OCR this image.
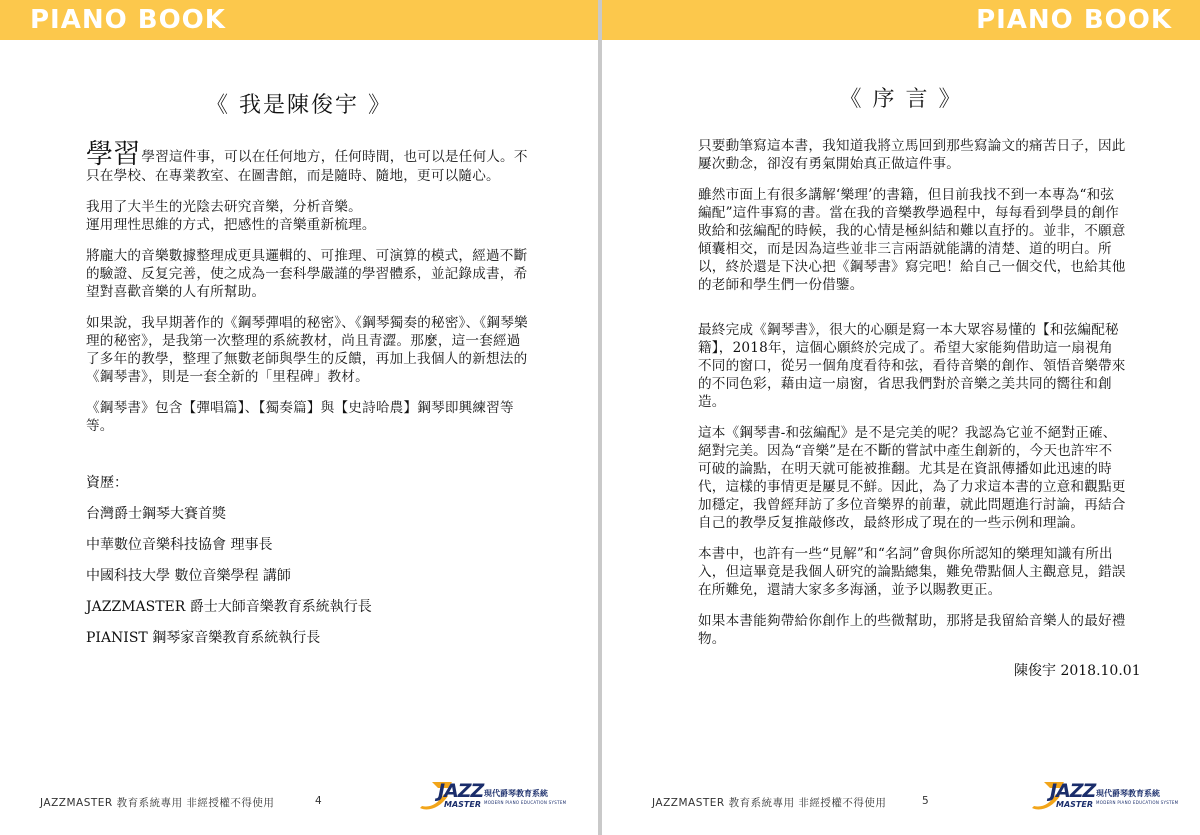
PIANO BOOK
《 我是陳俊宇 》

學習學習這件事，可以在任何地方，任何時間，也可以是任何人。不只在學校、在專業教室、在圖書館，而是隨時、隨地，更可以隨心。

我用了大半生的光陰去研究音樂，分析音樂。
運用理性思維的方式，把感性的音樂重新梳理。

將龐大的音樂數據整理成更具邏輯的、可推理、可演算的模式，經過不斷的驗證、反复完善，使之成為一套科學嚴謹的學習體系，並記錄成書，希望對喜歡音樂的人有所幫助。

如果說，我早期著作的《鋼琴彈唱的秘密》、《鋼琴獨奏的秘密》、《鋼琴樂理的秘密》，是我第一次整理的系統教材，尚且青澀。那麼，這一套經過了多年的教學，整理了無數老師與學生的反饋，再加上我個人的新想法的《鋼琴書》，則是一套全新的「里程碑」教材。

《鋼琴書》包含【彈唱篇】、【獨奏篇】與【史詩哈農】鋼琴即興練習等等。

資歷：
台灣爵士鋼琴大賽首獎
中華數位音樂科技協會 理事長
中國科技大學 數位音樂學程 講師
JAZZMASTER 爵士大師音樂教育系統執行長
PIANIST 鋼琴家音樂教育系統執行長
JAZZMASTER 教育系統專用 非經授權不得使用	4	JAZZ
MASTER
現代爵琴教育系統
MODERN PIANO EDUCATION SYSTEM
PIANO BOOK
《 序 言 》

只要動筆寫這本書，我知道我將立馬回到那些寫論文的痛苦日子，因此屢次動念，卻沒有勇氣開始真正做這件事。

雖然市面上有很多講解‘樂理’的書籍，但目前我找不到一本專為“和弦編配”這件事寫的書。當在我的音樂教學過程中，每每看到學員的創作敗給和弦編配的時候，我的心情是極糾結和難以直抒的。並非，不願意傾囊相交，而是因為這些並非三言兩語就能講的清楚、道的明白。所以，終於還是下決心把《鋼琴書》寫完吧！給自己一個交代，也給其他的老師和學生們一份借鑒。

最終完成《鋼琴書》，很大的心願是寫一本大眾容易懂的【和弦編配秘籍】，2018年，這個心願終於完成了。希望大家能夠借助這一扇視角不同的窗口，從另一個角度看待和弦，看待音樂的創作、領悟音樂帶來的不同色彩，藉由這一扇窗，省思我們對於音樂之美共同的嚮往和創造。

這本《鋼琴書-和弦編配》是不是完美的呢？我認為它並不絕對正確、絕對完美。因為“音樂”是在不斷的嘗試中產生創新的，今天也許牢不可破的論點，在明天就可能被推翻。尤其是在資訊傳播如此迅速的時代，這樣的事情更是屢見不鮮。因此，為了力求這本書的立意和觀點更加穩定，我曾經拜訪了多位音樂界的前輩，就此問題進行討論，再結合自己的教學反复推敲修改，最終形成了現在的一些示例和理論。

本書中，也許有一些“見解”和“名詞”會與你所認知的樂理知識有所出入，但這畢竟是我個人研究的論點總集，難免帶點個人主觀意見，錯誤在所難免，還請大家多多海涵，並予以賜教更正。

如果本書能夠帶給你創作上的些微幫助，那將是我留給音樂人的最好禮物。

陳俊宇 2018.10.01
JAZZMASTER 教育系統專用 非經授權不得使用	5	JAZZ
MASTER
現代爵琴教育系統
MODERN PIANO EDUCATION SYSTEM
